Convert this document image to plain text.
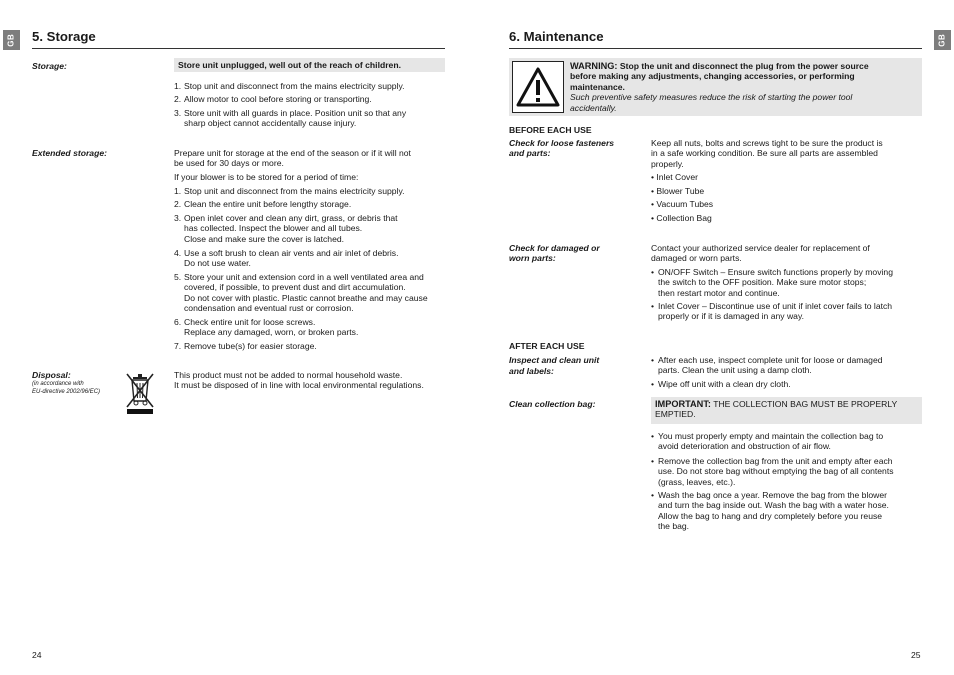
GB 5. Storage
Storage:	Store unit unplugged, well out of the reach of children.
1. Stop unit and disconnect from the mains electricity supply.
2. Allow motor to cool before storing or transporting.
3. Store unit with all guards in place. Position unit so that any
sharp object cannot accidentally cause injury.
Extended storage:	Prepare unit for storage at the end of the season or if it will not
be used for 30 days or more.
If your blower is to be stored for a period of time:
1. Stop unit and disconnect from the mains electricity supply.
2. Clean the entire unit before lengthy storage.
3. Open inlet cover and clean any dirt, grass, or debris that
has collected. Inspect the blower and all tubes.
Close and make sure the cover is latched.
4. Use a soft brush to clean air vents and air inlet of debris.
Do not use water.
5. Store your unit and extension cord in a well ventilated area and
covered, if possible, to prevent dust and dirt accumulation.
Do not cover with plastic. Plastic cannot breathe and may cause
condensation and eventual rust or corrosion.
6. Check entire unit for loose screws.
Replace any damaged, worn, or broken parts.
7. Remove tube(s) for easier storage.
Disposal:
(in accordance with
EU-directive 2002/96/EC)
This product must not be added to normal household waste.
It must be disposed of in line with local environmental regulations.
24
GB
6. Maintenance
WARNING: Stop the unit and disconnect the plug from the power source
before making any adjustments, changing accessories, or performing
maintenance.
Such preventive safety measures reduce the risk of starting the power tool
accidentally.
BEFORE EACH USE
Check for loose fasteners
and parts:
Keep all nuts, bolts and screws tight to be sure the product is
in a safe working condition. Be sure all parts are assembled
properly.
• Inlet Cover
• Blower Tube
• Vacuum Tubes
• Collection Bag
Check for damaged or
worn parts:
Contact your authorized service dealer for replacement of
damaged or worn parts.
• ON/OFF Switch – Ensure switch functions properly by moving
the switch to the OFF position. Make sure motor stops;
then restart motor and continue.
• Inlet Cover – Discontinue use of unit if inlet cover fails to latch
properly or if it is damaged in any way.
AFTER EACH USE
Inspect and clean unit
and labels:
• After each use, inspect complete unit for loose or damaged
parts. Clean the unit using a damp cloth.
• Wipe off unit with a clean dry cloth.
Clean collection bag:	IMPORTANT: THE COLLECTION BAG MUST BE PROPERLY
EMPTIED.
• You must properly empty and maintain the collection bag to
avoid deterioration and obstruction of air flow.
• Remove the collection bag from the unit and empty after each
use. Do not store bag without emptying the bag of all contents
(grass, leaves, etc.).
• Wash the bag once a year. Remove the bag from the blower
and turn the bag inside out. Wash the bag with a water hose.
Allow the bag to hang and dry completely before you reuse
the bag.
25
